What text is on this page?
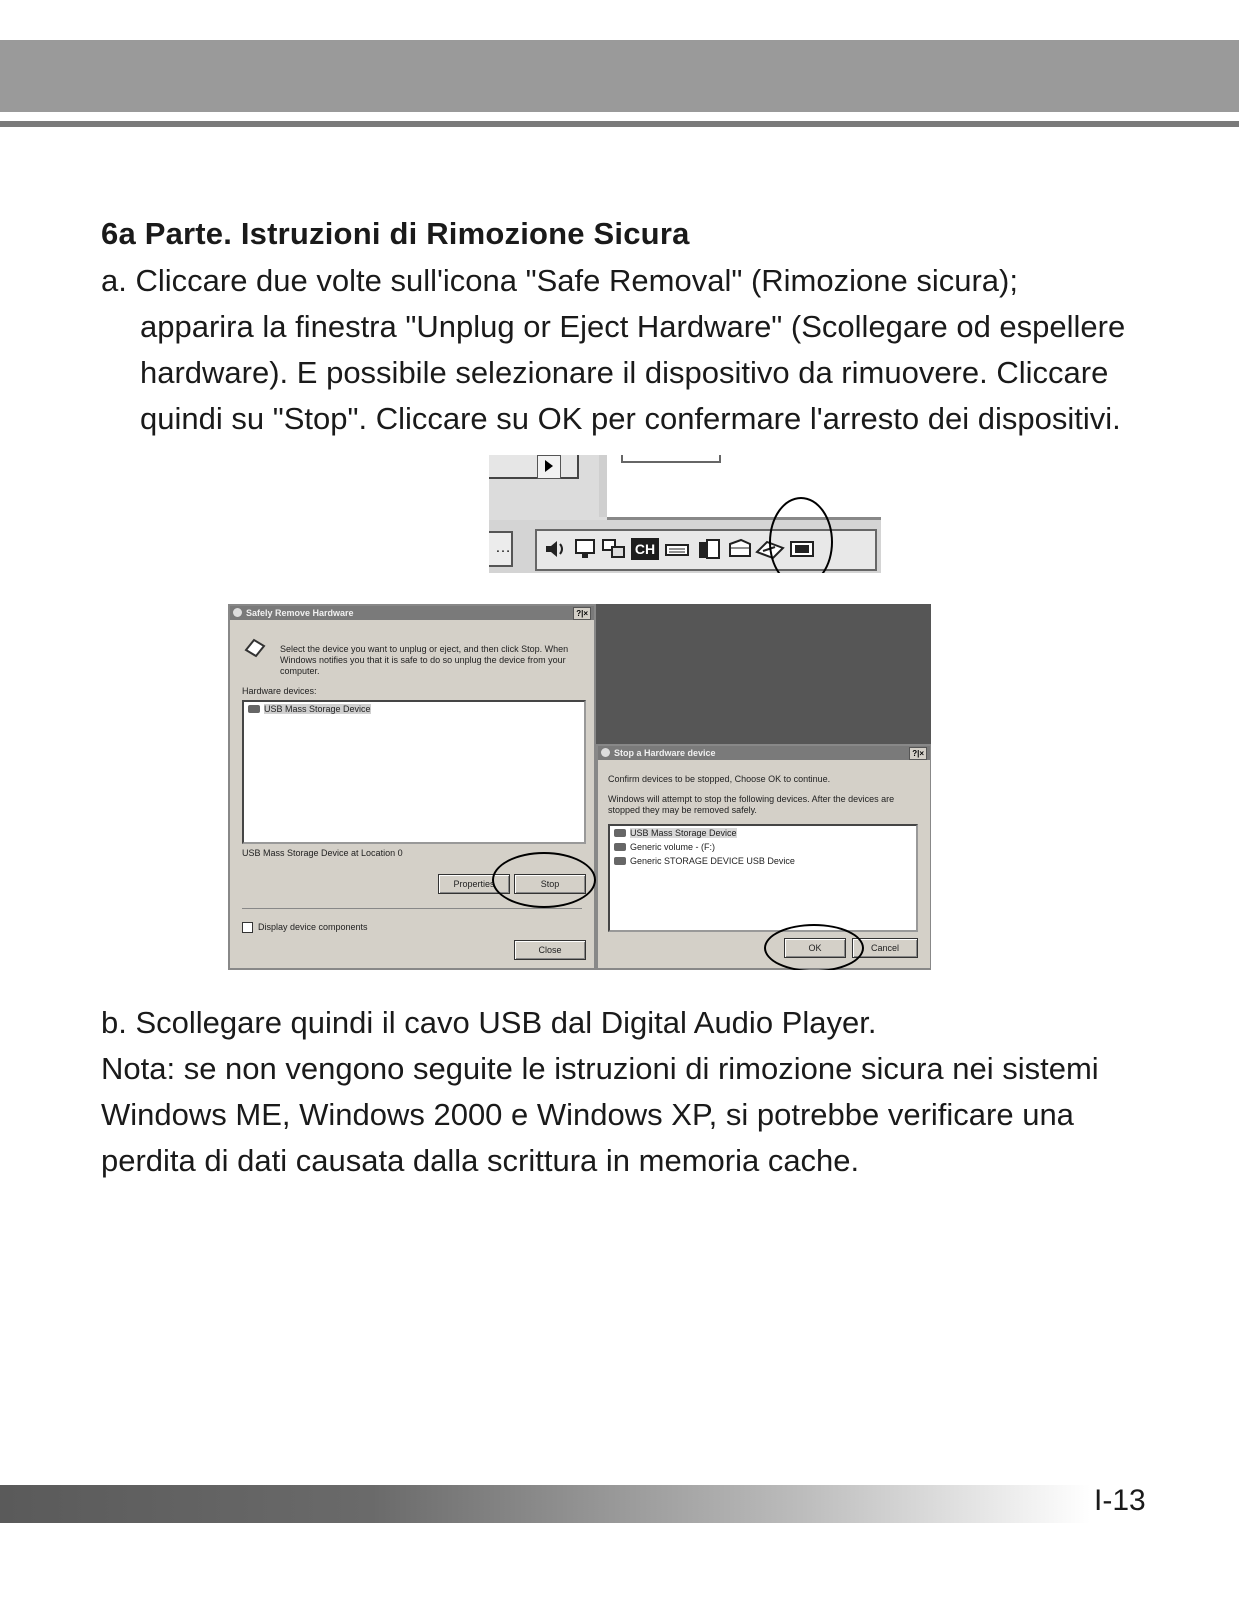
6a Parte. Istruzioni di Rimozione Sicura
a. Cliccare due volte sull'icona "Safe Removal" (Rimozione sicura);
apparira la finestra "Unplug or Eject Hardware" (Scollegare od espellere
hardware). E possibile selezionare il dispositivo da rimuovere. Cliccare
quindi su "Stop". Cliccare su OK per confermare l'arresto dei dispositivi.
…	CH
Safely Remove Hardware	?|×
Select the device you want to unplug or eject, and then click Stop. When Windows notifies you that it is safe to do so unplug the device from your computer.
Hardware devices:
USB Mass Storage Device
USB Mass Storage Device at Location 0
Properties	Stop
Display device components
Close
Stop a Hardware device	?|×
Confirm devices to be stopped, Choose OK to continue.
Windows will attempt to stop the following devices. After the devices are stopped they may be removed safely.
USB Mass Storage Device
Generic volume - (F:)
Generic STORAGE DEVICE USB Device
OK	Cancel
b. Scollegare quindi il cavo USB dal Digital Audio Player.
Nota: se non vengono seguite le istruzioni di rimozione sicura nei sistemi
Windows ME, Windows 2000 e Windows XP, si potrebbe verificare una
perdita di dati causata dalla scrittura in memoria cache.
I-13
